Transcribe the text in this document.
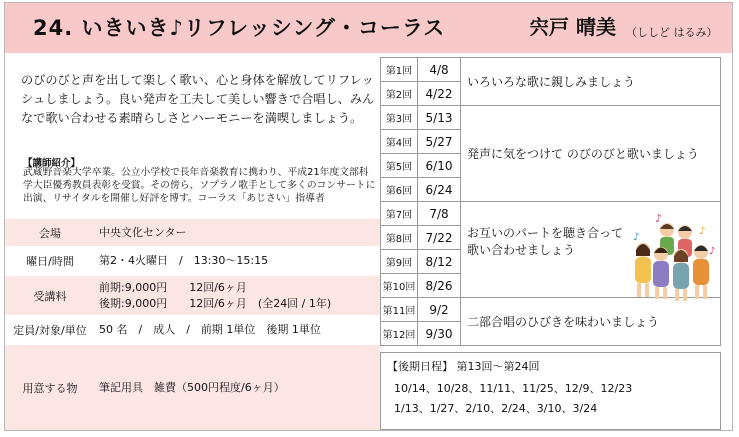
24. いきいき♪リフレッシング・コーラス	宍戸 晴美 （ししど はるみ）
のびのびと声を出して楽しく歌い、心と身体を解放してリフレッシュしましょう。良い発声を工夫して美しい響きで合唱し、みんなで歌い合わせる素晴らしさとハーモニーを満喫しましょう。
【講師紹介】
武蔵野音楽大学卒業。公立小学校で長年音楽教育に携わり、平成21年度文部科学大臣優秀教員表彰を受賞。その傍ら、ソプラノ歌手として多くのコンサートに出演、リサイタルを開催し好評を博す。コーラス「あじさい」指導者
会場	中央文化センター
曜日/時間	第2・4火曜日　/　13:30〜15:15
受講料
前期:9,000円　　12回/6ヶ月
後期:9,000円　　12回/6ヶ月　(全24回 / 1年)
定員/対象/単位	50 名　/　成人　/　前期 1単位　後期 1単位
用意する物	筆記用具　雑費（500円程度/6ヶ月）
第1回	4/8	いろいろな歌に親しみましょう
第2回	4/22	
第3回	5/13	発声に気をつけて のびのびと歌いましょう
第4回	5/27	
第5回	6/10	
第6回	6/24	
第7回	7/8	お互いのパートを聴き合って
歌い合わせましょう

第8回	7/22	
第9回	8/12	
第10回	8/26	
第11回	9/2	二部合唱のひびきを味わいましょう
第12回	9/30	
♪
♪
♪
♪
【後期日程】 第13回〜第24回
10/14、10/28、11/11、11/25、12/9、12/23
1/13、1/27、2/10、2/24、3/10、3/24
